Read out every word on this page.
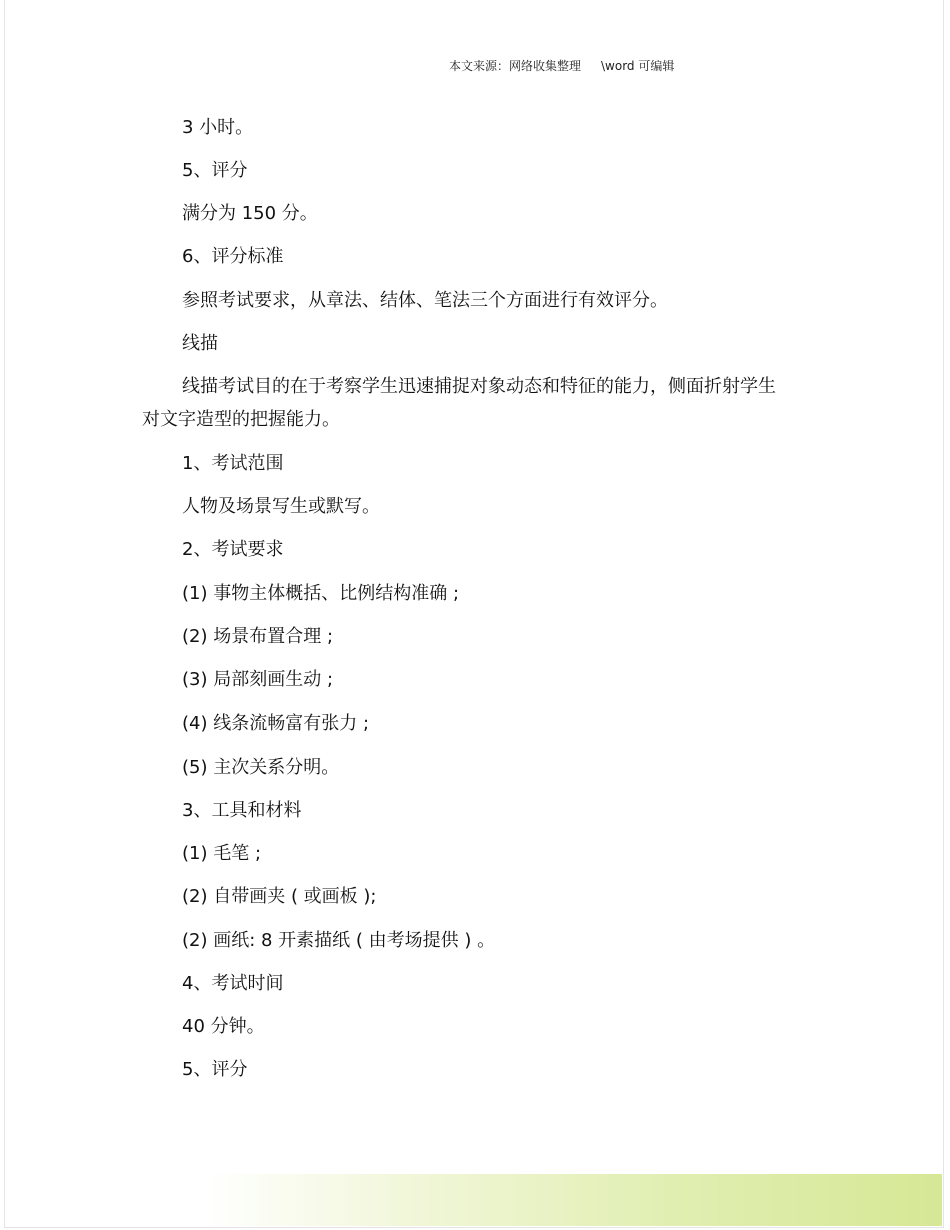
本文来源：网络收集整理 \word 可编辑
3 小时。
5、评分
满分为 150 分。
6、评分标准
参照考试要求，从章法、结体、笔法三个方面进行有效评分。
线描
线描考试目的在于考察学生迅速捕捉对象动态和特征的能力，侧面折射学生对文字造型的把握能力。
1、考试范围
人物及场景写生或默写。
2、考试要求
(1) 事物主体概括、比例结构准确 ;
(2) 场景布置合理 ;
(3) 局部刻画生动 ;
(4) 线条流畅富有张力 ;
(5) 主次关系分明。
3、工具和材料
(1) 毛笔 ;
(2) 自带画夹 ( 或画板 );
(2) 画纸: 8 开素描纸 ( 由考场提供 ) 。
4、考试时间
40 分钟。
5、评分
